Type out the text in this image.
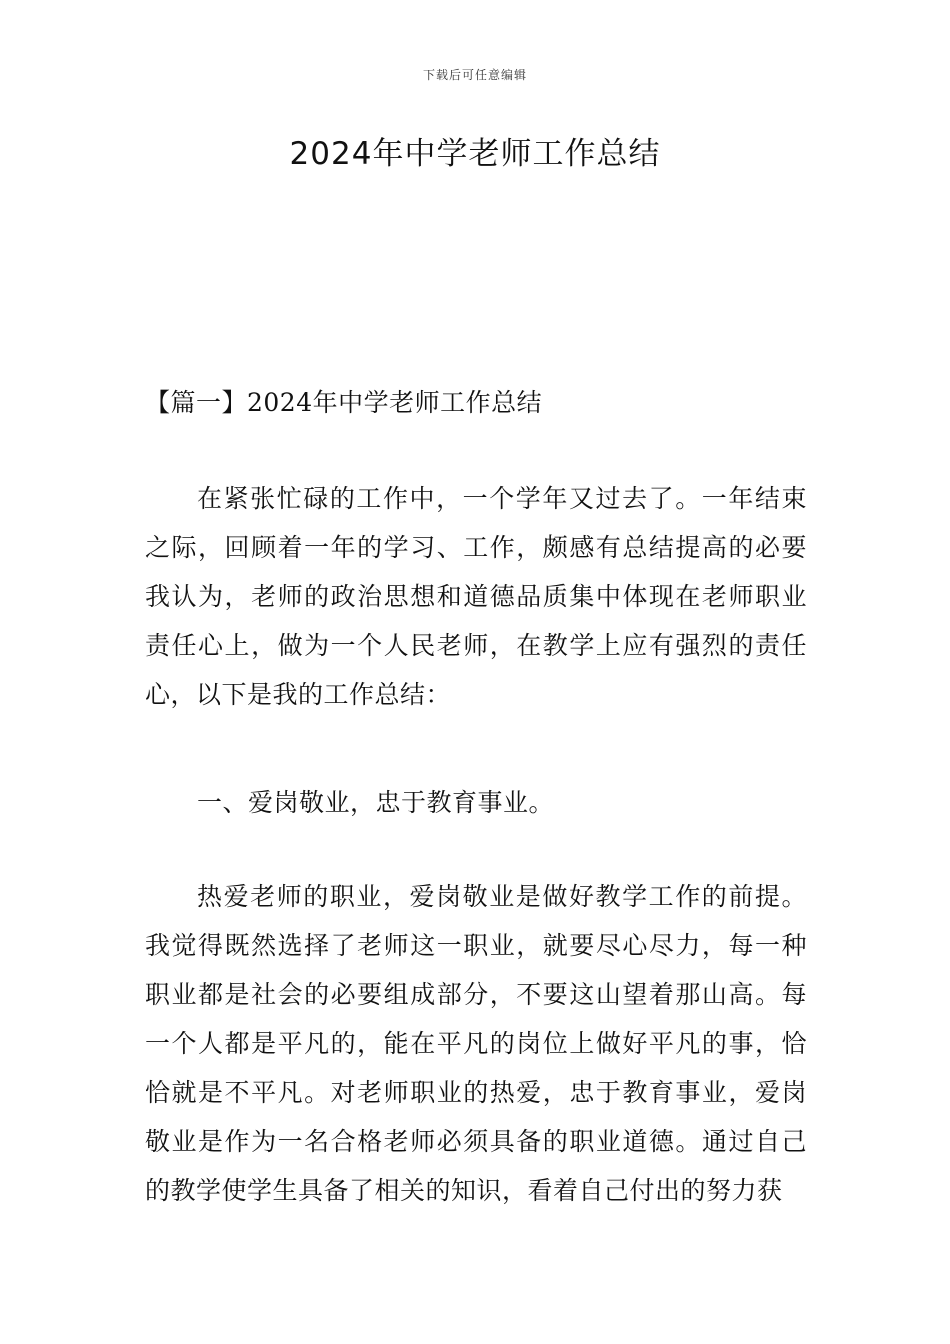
下载后可任意编辑
2024年中学老师工作总结

【篇一】2024年中学老师工作总结

在紧张忙碌的工作中，一个学年又过去了。一年结束之际，回顾着一年的学习、工作，颇感有总结提高的必要我认为，老师的政治思想和道德品质集中体现在老师职业责任心上，做为一个人民老师，在教学上应有强烈的责任心，以下是我的工作总结：

一、爱岗敬业，忠于教育事业。

热爱老师的职业，爱岗敬业是做好教学工作的前提。我觉得既然选择了老师这一职业，就要尽心尽力，每一种职业都是社会的必要组成部分，不要这山望着那山高。每一个人都是平凡的，能在平凡的岗位上做好平凡的事，恰恰就是不平凡。对老师职业的热爱，忠于教育事业，爱岗敬业是作为一名合格老师必须具备的职业道德。通过自己的教学使学生具备了相关的知识，看着自己付出的努力获
